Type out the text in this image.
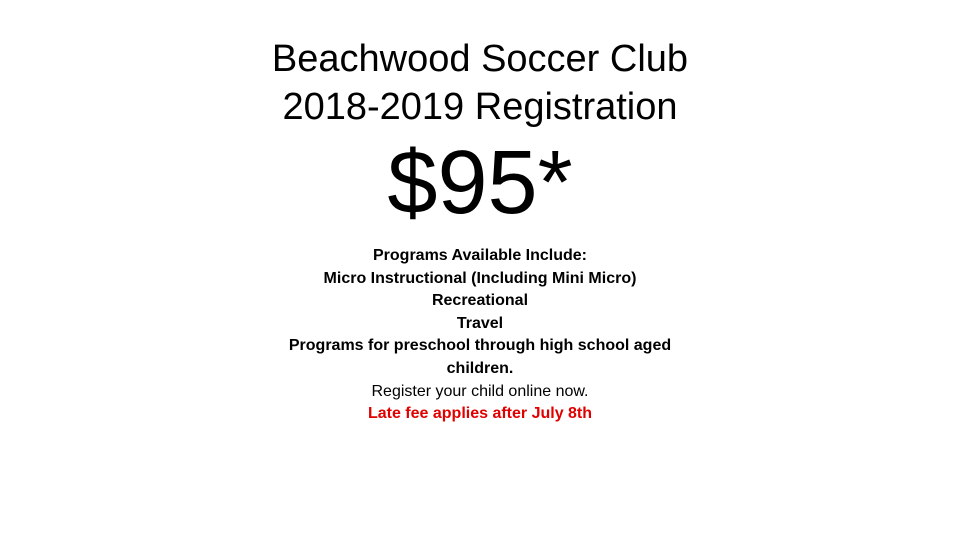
Beachwood Soccer Club
2018-2019 Registration
$95*
Programs Available Include:
Micro Instructional (Including Mini Micro)
Recreational
Travel
Programs for preschool through high school aged
children.
Register your child online now.
Late fee applies after July 8th
